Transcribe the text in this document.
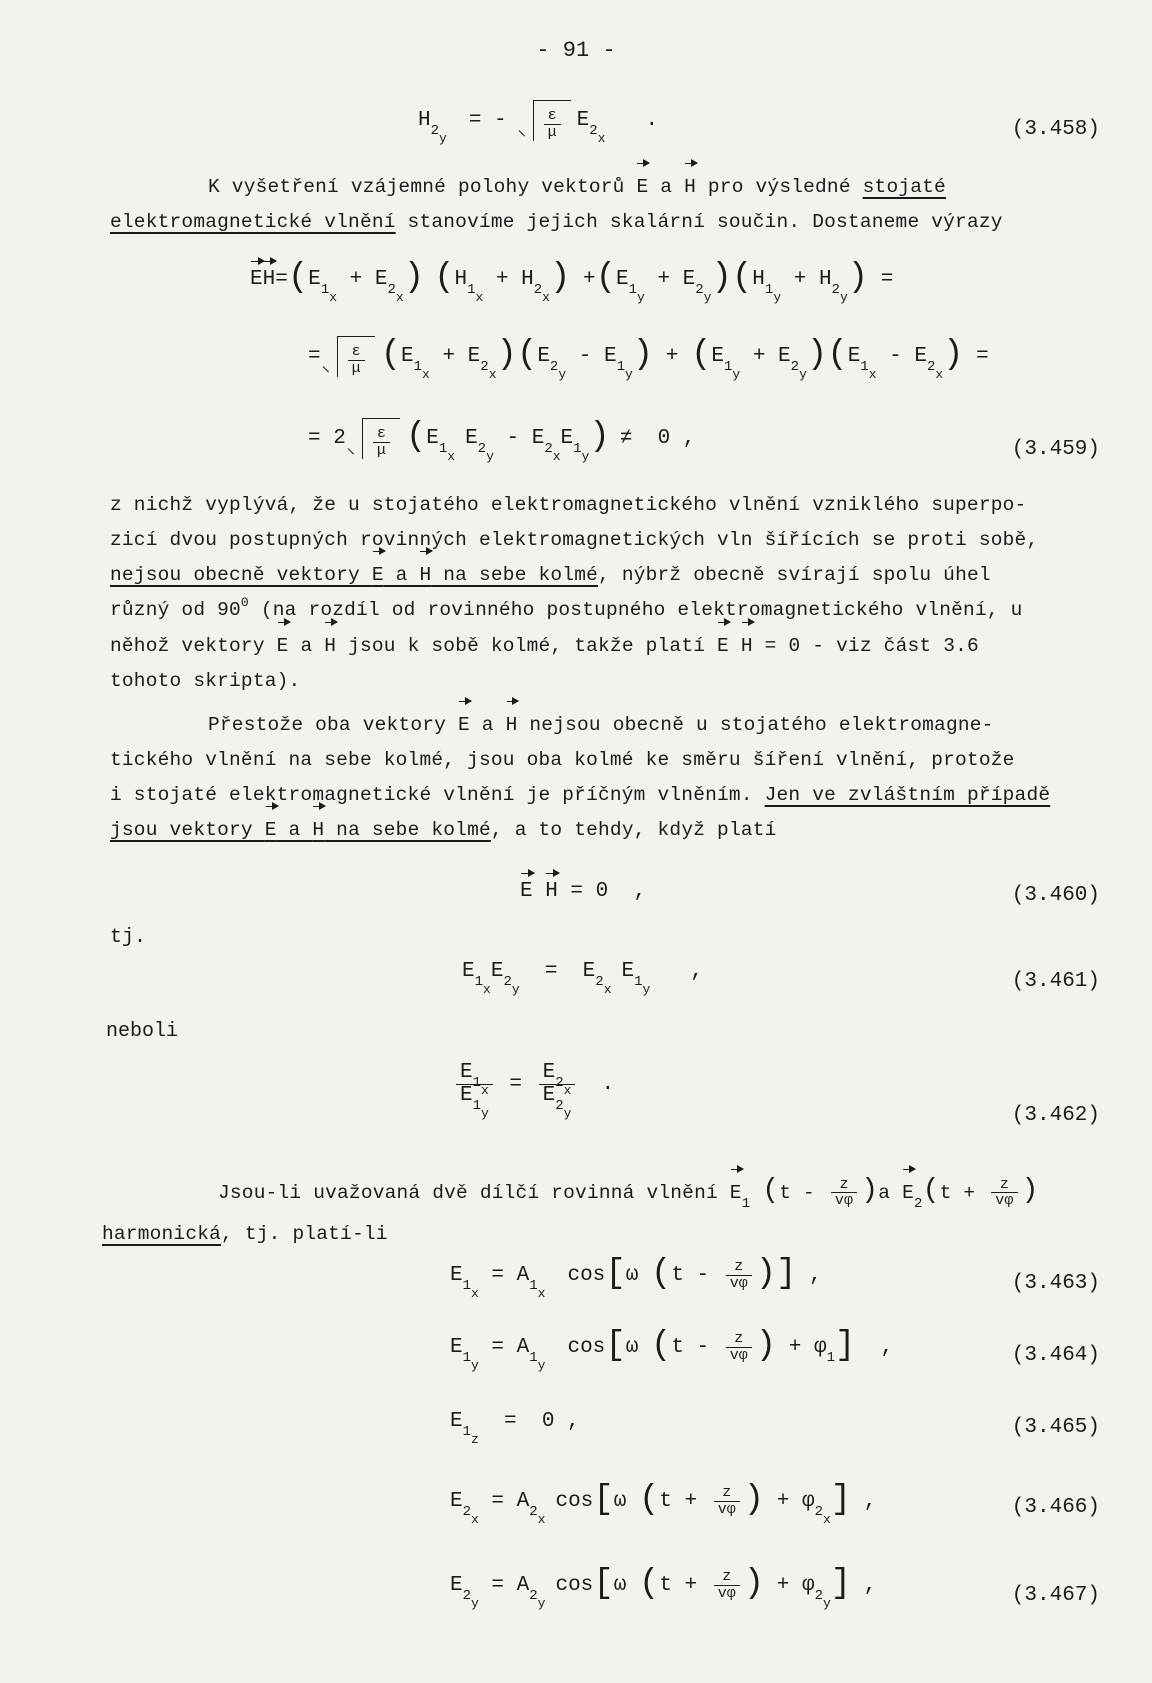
- 91 -
$H_{2y}$
= - $\frac{\varepsilon}{\mu} E_{2x}$
.	(3.458)

K vyšetření vzájemné polohy vektorů E a H pro výsledné stojaté

elektromagnetické vlnění stanovíme jejich skalární součin. Dostaneme výrazy

E H = ( $E_{1x}$
+ $E_{2x}$ ) ( $H_{1x}$
+ $H_{2x}$ ) + ( $E_{1y}$
+ $E_{2y}$ ) ( $H_{1y}$
+ $H_{2y}$ ) =
= $\frac{\varepsilon}{\mu}$ ( $E_{1x}$
+ $E_{2x}$ ) ( $E_{2y}$
- $E_{1y}$ ) + ( $E_{1y}$
+ $E_{2y}$ ) ( $E_{1x}$
- $E_{2x}$ ) =
= $2 \frac{\varepsilon}{\mu}$ ( $E_{1x}$
$E_{2y}$
- $E_{2x}$
$E_{1y}$ ) ≠  0 ,	(3.459)

z nichž vyplývá, že u stojatého elektromagnetického vlnění vzniklého superpo-

zicí dvou postupných rovinných elektromagnetických vln šířících se proti sobě,

nejsou obecně vektory E a H na sebe kolmé, nýbrž obecně svírají spolu úhel

různý od $90^0$ (na rozdíl od rovinného postupného elektromagnetického vlnění, u

něhož vektory E a H jsou k sobě kolmé, takže platí E H = 0 - viz část 3.6

tohoto skripta).

Přestože oba vektory E a H nejsou obecně u stojatého elektromagne-

tického vlnění na sebe kolmé, jsou oba kolmé ke směru šíření vlnění, protože

i stojaté elektromagnetické vlnění je příčným vlněním. Jen ve zvláštním případě

jsou vektory E a H na sebe kolmé, a to tehdy, když platí

E
H = 0  ,	(3.460)
tj.
$E_{1x}$
$E_{2y}$
= $E_{2x}$
$E_{1y}$
,	(3.461)
neboli
$\frac{E_{1x}}{E_{1y}} = \frac{E_{2x}}{E_{2y}}$ .
(3.462)

Jsou-li uvažovaná dvě dílčí rovinná vlnění $E_1$ $(t - \frac{z}{v\varphi} )a$ $E_2(t + \frac{z}{v\varphi}$ )

harmonická, tj. platí-li

$E_{1x}$
= $A_{1x}$
cos [ ω ( t - $\frac{z}{v\varphi}$ ) ] ,	(3.463)
$E_{1y}$
= $A_{1y}$
cos [ ω ( t - $\frac{z}{v\varphi}$ ) + $\varphi_1$ ] ,	(3.464)
$E_{1z}$
=  0 ,	(3.465)
$E_{2x}$
= $A_{2x}$
cos [ ω ( $t + \frac{z}{v\varphi}$ ) + $\varphi_{2x}$ ] ,	(3.466)
$E_{2y}$
= $A_{2y}$
cos [ ω ( $t + \frac{z}{v\varphi}$ ) + $\varphi_{2y}$ ] ,	(3.467)
